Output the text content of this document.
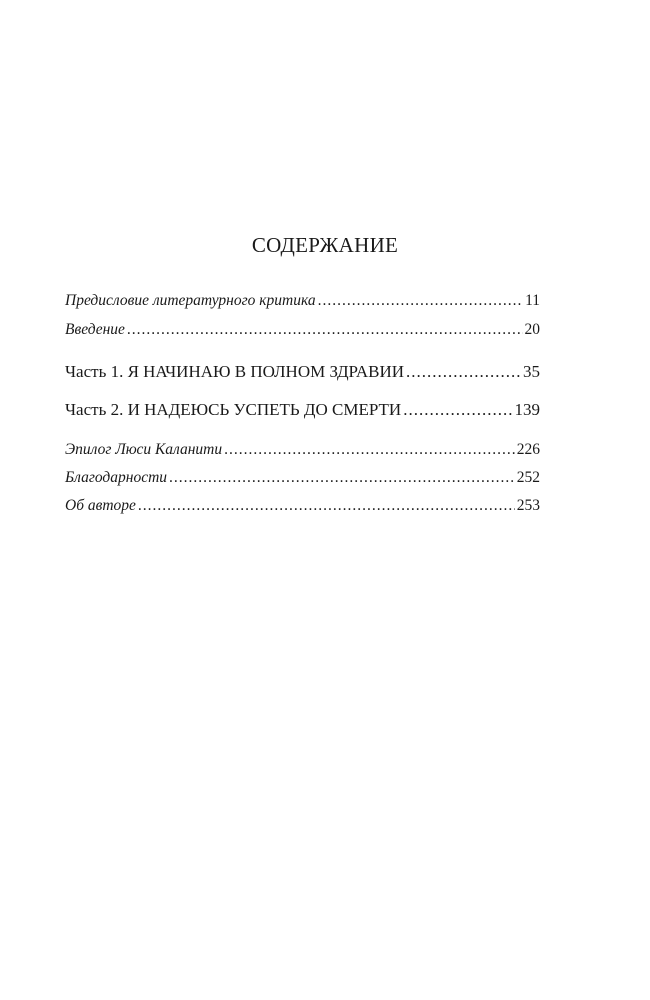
СОДЕРЖАНИЕ
Предисловие литературного критика .....	11
Введение .....	20
Часть 1. Я НАЧИНАЮ В ПОЛНОМ ЗДРАВИИ .....	35
Часть 2. И НАДЕЮСЬ УСПЕТЬ ДО СМЕРТИ .....	139
Эпилог Люси Каланити .....	226
Благодарности .....	252
Об авторе .....	253
